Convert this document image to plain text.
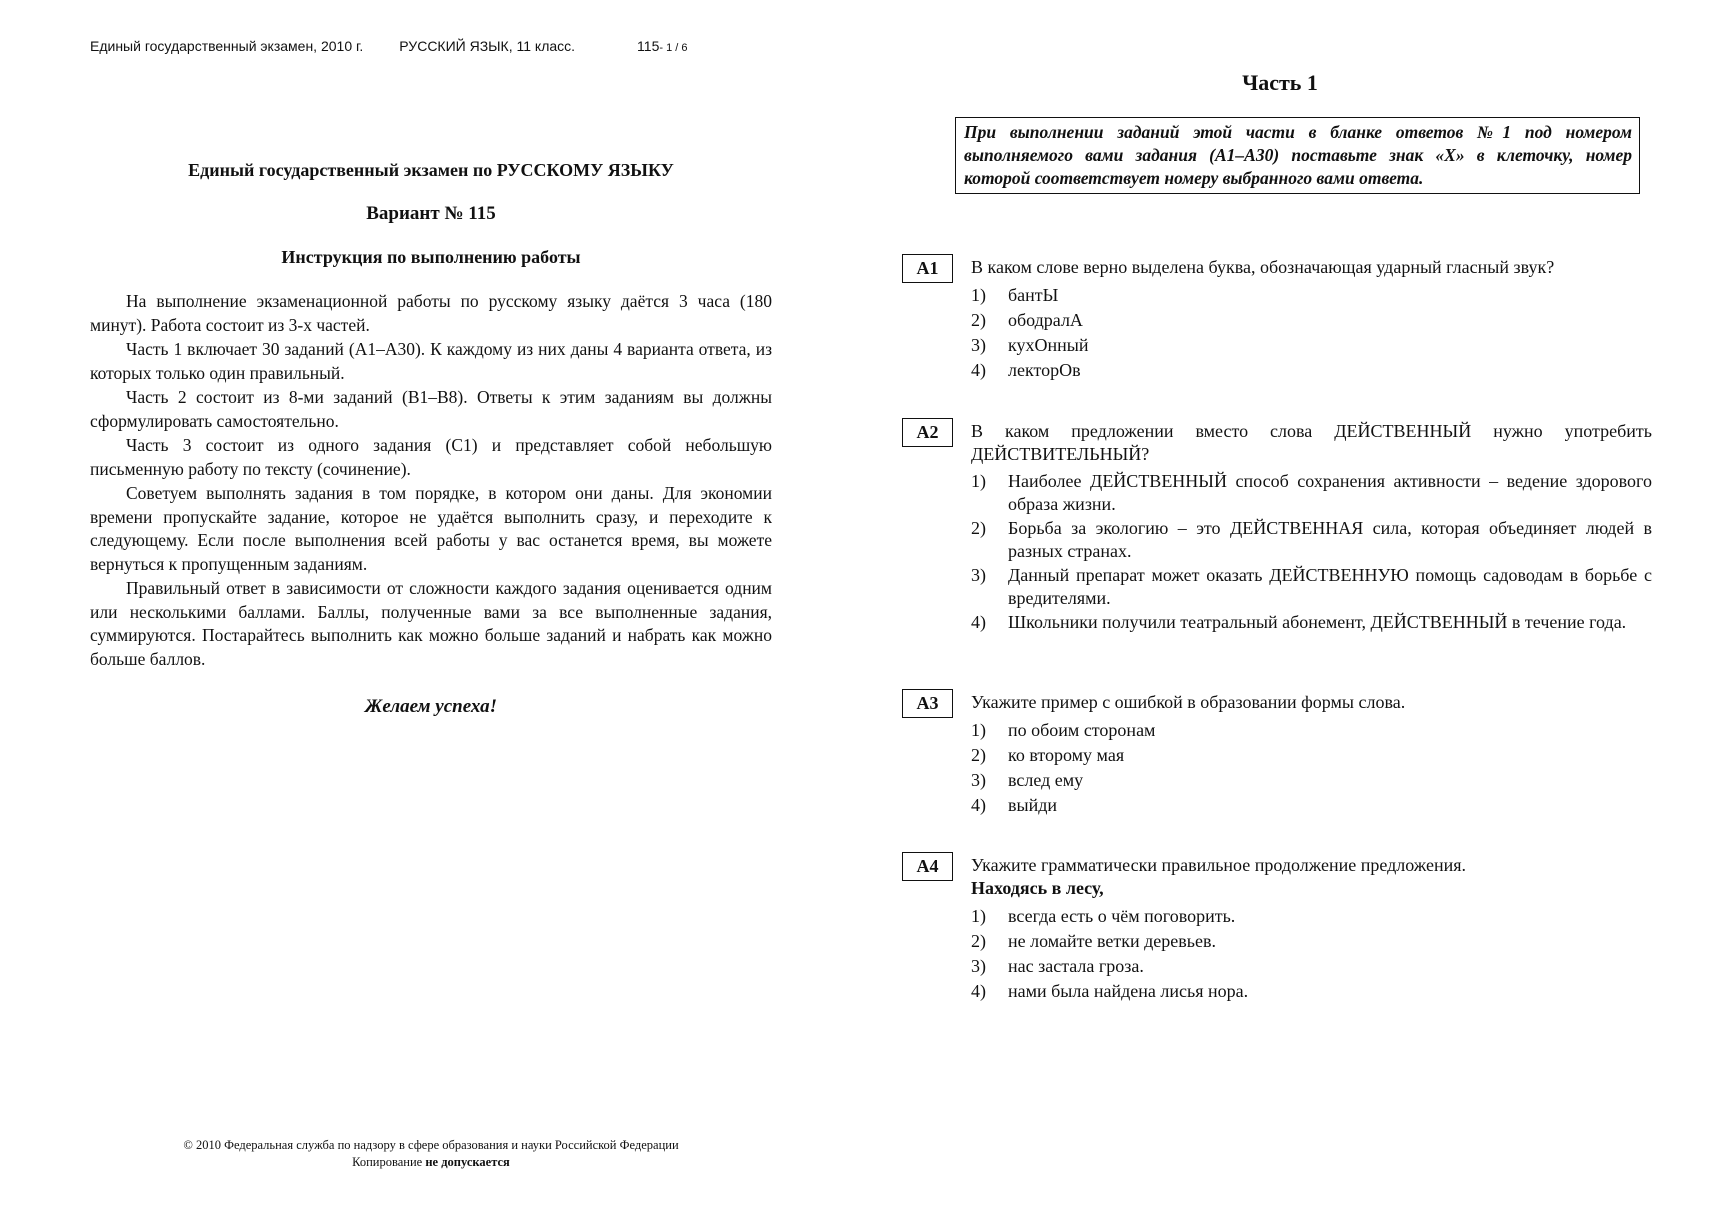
Единый государственный экзамен, 2010 г.	РУССКИЙ ЯЗЫК, 11 класс.	115- 1 / 6
Единый государственный экзамен по РУССКОМУ ЯЗЫКУ
Вариант № 115
Инструкция по выполнению работы

На выполнение экзаменационной работы по русскому языку даётся 3 часа (180 минут). Работа состоит из 3-х частей.

Часть 1 включает 30 заданий (А1–А30). К каждому из них даны 4 варианта ответа, из которых только один правильный.

Часть 2 состоит из 8-ми заданий (В1–В8). Ответы к этим заданиям вы должны сформулировать самостоятельно.

Часть 3 состоит из одного задания (С1) и представляет собой небольшую письменную работу по тексту (сочинение).

Советуем выполнять задания в том порядке, в котором они даны. Для экономии времени пропускайте задание, которое не удаётся выполнить сразу, и переходите к следующему. Если после выполнения всей работы у вас останется время, вы можете вернуться к пропущенным заданиям.

Правильный ответ в зависимости от сложности каждого задания оценивается одним или несколькими баллами. Баллы, полученные вами за все выполненные задания, суммируются. Постарайтесь выполнить как можно больше заданий и набрать как можно больше баллов.

Желаем успеха!
© 2010 Федеральная служба по надзору в сфере образования и науки Российской Федерации
Копирование не допускается
Часть 1
При выполнении заданий этой части в бланке ответов №1 под номером выполняемого вами задания (А1–А30) поставьте знак «X» в клеточку, номер которой соответствует номеру выбранного вами ответа.
А1	В каком слове верно выделена буква, обозначающая ударный гласный звук?
1)	бантЫ
2)	ободралА
3)	кухОнный
4)	лекторОв
А2	В каком предложении вместо слова ДЕЙСТВЕННЫЙ нужно употребить ДЕЙСТВИТЕЛЬНЫЙ?
1)	Наиболее ДЕЙСТВЕННЫЙ способ сохранения активности – ведение здорового образа жизни.
2)	Борьба за экологию – это ДЕЙСТВЕННАЯ сила, которая объединяет людей в разных странах.
3)	Данный препарат может оказать ДЕЙСТВЕННУЮ помощь садоводам в борьбе с вредителями.
4)	Школьники получили театральный абонемент, ДЕЙСТВЕННЫЙ в течение года.
А3	Укажите пример с ошибкой в образовании формы слова.
1)	по обоим сторонам
2)	ко второму мая
3)	вслед ему
4)	выйди
А4	Укажите грамматически правильное продолжение предложения.
Находясь в лесу,
1)	всегда есть о чём поговорить.
2)	не ломайте ветки деревьев.
3)	нас застала гроза.
4)	нами была найдена лисья нора.
